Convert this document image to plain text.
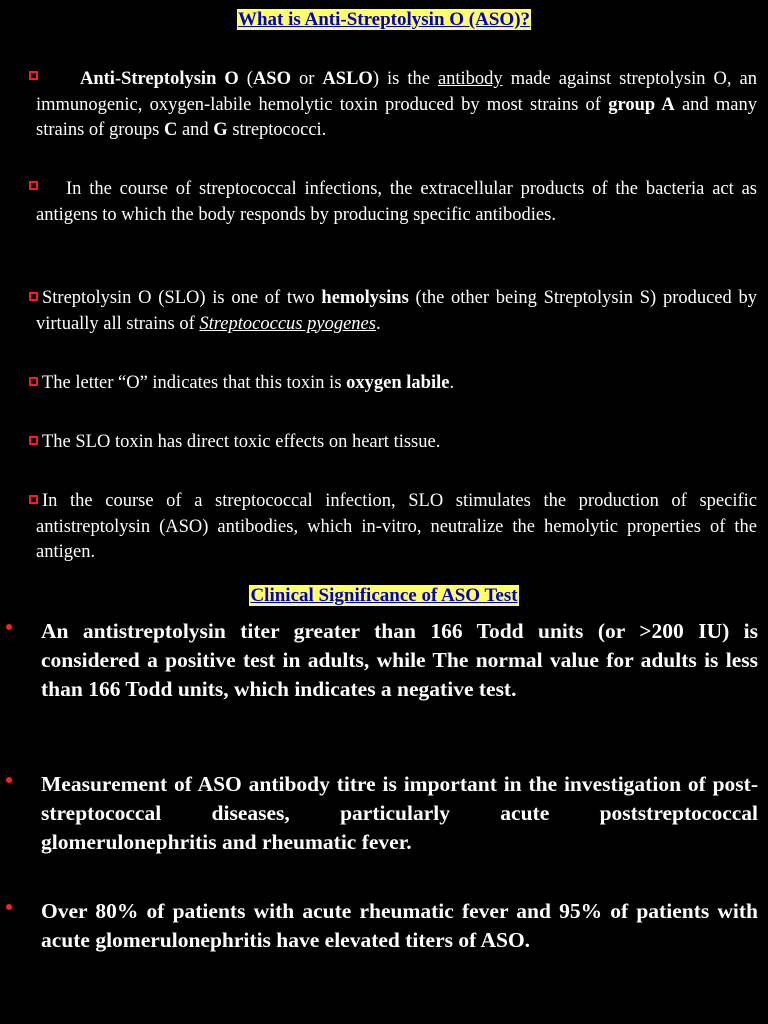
What is Anti-Streptolysin O (ASO)?
Anti-Streptolysin O (ASO or ASLO) is the antibody made against streptolysin O, an immunogenic, oxygen-labile hemolytic toxin produced by most strains of group A and many strains of groups C and G streptococci.
In the course of streptococcal infections, the extracellular products of the bacteria act as antigens to which the body responds by producing specific antibodies.
Streptolysin O (SLO) is one of two hemolysins (the other being Streptolysin S) produced by virtually all strains of Streptococcus pyogenes.
The letter “O” indicates that this toxin is oxygen labile.
The SLO toxin has direct toxic effects on heart tissue.
In the course of a streptococcal infection, SLO stimulates the production of specific antistreptolysin (ASO) antibodies, which in-vitro, neutralize the hemolytic properties of the antigen.
Clinical Significance of ASO Test
An antistreptolysin titer greater than 166 Todd units (or >200 IU) is considered a positive test in adults, while The normal value for adults is less than 166 Todd units, which indicates a negative test.
Measurement of ASO antibody titre is important in the investigation of post-streptococcal diseases, particularly acute poststreptococcal glomerulonephritis and rheumatic fever.
Over 80% of patients with acute rheumatic fever and 95% of patients with acute glomerulonephritis have elevated titers of ASO.
